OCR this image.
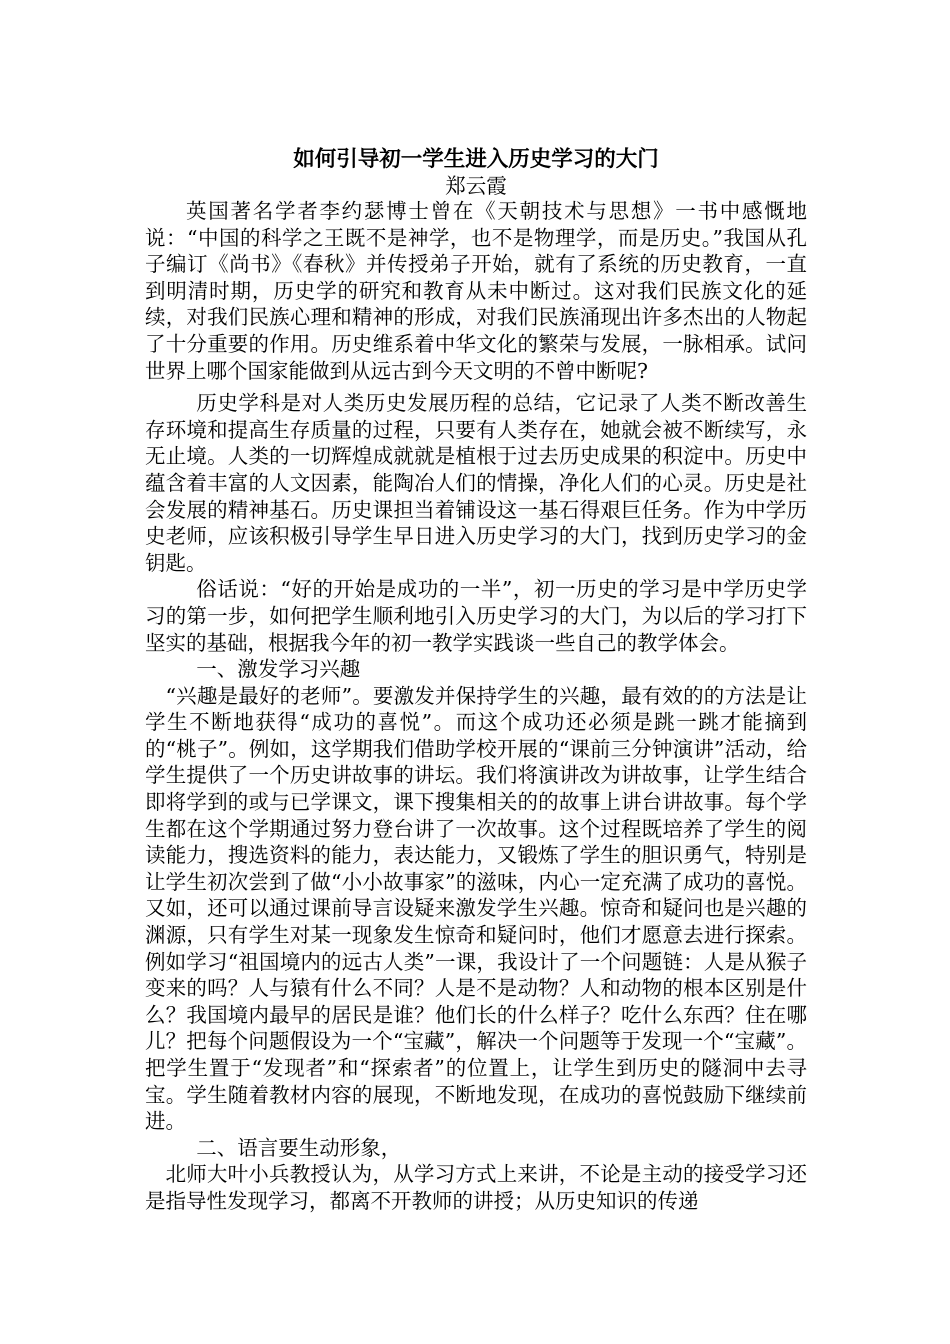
如何引导初一学生进入历史学习的大门

郑云霞

英国著名学者李约瑟博士曾在《天朝技术与思想》一书中感慨地说：“中国的科学之王既不是神学，也不是物理学，而是历史。”我国从孔子编订《尚书》《春秋》并传授弟子开始，就有了系统的历史教育，一直到明清时期，历史学的研究和教育从未中断过。这对我们民族文化的延续，对我们民族心理和精神的形成，对我们民族涌现出许多杰出的人物起了十分重要的作用。历史维系着中华文化的繁荣与发展，一脉相承。试问世界上哪个国家能做到从远古到今天文明的不曾中断呢?

历史学科是对人类历史发展历程的总结，它记录了人类不断改善生存环境和提高生存质量的过程，只要有人类存在，她就会被不断续写，永无止境。人类的一切辉煌成就就是植根于过去历史成果的积淀中。历史中蕴含着丰富的人文因素，能陶冶人们的情操，净化人们的心灵。历史是社会发展的精神基石。历史课担当着铺设这一基石得艰巨任务。作为中学历史老师，应该积极引导学生早日进入历史学习的大门，找到历史学习的金钥匙。

俗话说：“好的开始是成功的一半”，初一历史的学习是中学历史学习的第一步，如何把学生顺利地引入历史学习的大门，为以后的学习打下坚实的基础，根据我今年的初一教学实践谈一些自己的教学体会。

一、激发学习兴趣

“兴趣是最好的老师”。要激发并保持学生的兴趣，最有效的的方法是让学生不断地获得“成功的喜悦”。而这个成功还必须是跳一跳才能摘到的“桃子”。例如，这学期我们借助学校开展的“课前三分钟演讲”活动，给学生提供了一个历史讲故事的讲坛。我们将演讲改为讲故事，让学生结合即将学到的或与已学课文，课下搜集相关的的故事上讲台讲故事。每个学生都在这个学期通过努力登台讲了一次故事。这个过程既培养了学生的阅读能力，搜选资料的能力，表达能力，又锻炼了学生的胆识勇气，特别是让学生初次尝到了做“小小故事家”的滋味，内心一定充满了成功的喜悦。又如，还可以通过课前导言设疑来激发学生兴趣。惊奇和疑问也是兴趣的渊源，只有学生对某一现象发生惊奇和疑问时，他们才愿意去进行探索。例如学习“祖国境内的远古人类”一课，我设计了一个问题链：人是从猴子变来的吗？人与猿有什么不同？人是不是动物？人和动物的根本区别是什么？我国境内最早的居民是谁？他们长的什么样子？吃什么东西？住在哪儿？把每个问题假设为一个“宝藏”，解决一个问题等于发现一个“宝藏”。把学生置于“发现者”和“探索者”的位置上，让学生到历史的隧洞中去寻宝。学生随着教材内容的展现，不断地发现，在成功的喜悦鼓励下继续前进。

二、语言要生动形象，

北师大叶小兵教授认为，从学习方式上来讲，不论是主动的接受学习还是指导性发现学习，都离不开教师的讲授；从历史知识的传递
